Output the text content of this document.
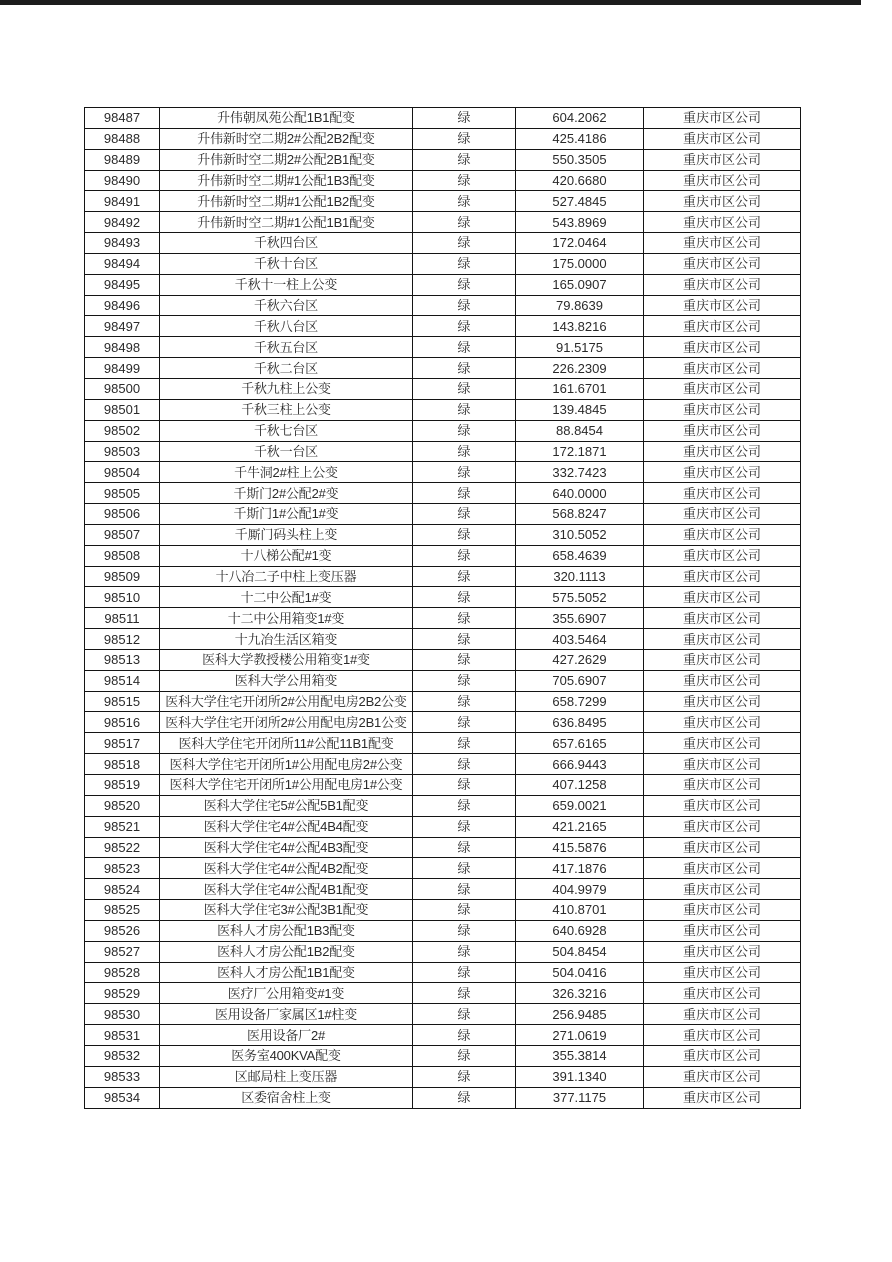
98487	升伟朝凤苑公配1B1配变	绿	604.2062	重庆市区公司
98488	升伟新时空二期2#公配2B2配变	绿	425.4186	重庆市区公司
98489	升伟新时空二期2#公配2B1配变	绿	550.3505	重庆市区公司
98490	升伟新时空二期#1公配1B3配变	绿	420.6680	重庆市区公司
98491	升伟新时空二期#1公配1B2配变	绿	527.4845	重庆市区公司
98492	升伟新时空二期#1公配1B1配变	绿	543.8969	重庆市区公司
98493	千秋四台区	绿	172.0464	重庆市区公司
98494	千秋十台区	绿	175.0000	重庆市区公司
98495	千秋十一柱上公变	绿	165.0907	重庆市区公司
98496	千秋六台区	绿	79.8639	重庆市区公司
98497	千秋八台区	绿	143.8216	重庆市区公司
98498	千秋五台区	绿	91.5175	重庆市区公司
98499	千秋二台区	绿	226.2309	重庆市区公司
98500	千秋九柱上公变	绿	161.6701	重庆市区公司
98501	千秋三柱上公变	绿	139.4845	重庆市区公司
98502	千秋七台区	绿	88.8454	重庆市区公司
98503	千秋一台区	绿	172.1871	重庆市区公司
98504	千牛洞2#柱上公变	绿	332.7423	重庆市区公司
98505	千斯门2#公配2#变	绿	640.0000	重庆市区公司
98506	千斯门1#公配1#变	绿	568.8247	重庆市区公司
98507	千厮门码头柱上变	绿	310.5052	重庆市区公司
98508	十八梯公配#1变	绿	658.4639	重庆市区公司
98509	十八冶二子中柱上变压器	绿	320.1113	重庆市区公司
98510	十二中公配1#变	绿	575.5052	重庆市区公司
98511	十二中公用箱变1#变	绿	355.6907	重庆市区公司
98512	十九冶生活区箱变	绿	403.5464	重庆市区公司
98513	医科大学教授楼公用箱变1#变	绿	427.2629	重庆市区公司
98514	医科大学公用箱变	绿	705.6907	重庆市区公司
98515	医科大学住宅开闭所2#公用配电房2B2公变	绿	658.7299	重庆市区公司
98516	医科大学住宅开闭所2#公用配电房2B1公变	绿	636.8495	重庆市区公司
98517	医科大学住宅开闭所11#公配11B1配变	绿	657.6165	重庆市区公司
98518	医科大学住宅开闭所1#公用配电房2#公变	绿	666.9443	重庆市区公司
98519	医科大学住宅开闭所1#公用配电房1#公变	绿	407.1258	重庆市区公司
98520	医科大学住宅5#公配5B1配变	绿	659.0021	重庆市区公司
98521	医科大学住宅4#公配4B4配变	绿	421.2165	重庆市区公司
98522	医科大学住宅4#公配4B3配变	绿	415.5876	重庆市区公司
98523	医科大学住宅4#公配4B2配变	绿	417.1876	重庆市区公司
98524	医科大学住宅4#公配4B1配变	绿	404.9979	重庆市区公司
98525	医科大学住宅3#公配3B1配变	绿	410.8701	重庆市区公司
98526	医科人才房公配1B3配变	绿	640.6928	重庆市区公司
98527	医科人才房公配1B2配变	绿	504.8454	重庆市区公司
98528	医科人才房公配1B1配变	绿	504.0416	重庆市区公司
98529	医疗厂公用箱变#1变	绿	326.3216	重庆市区公司
98530	医用设备厂家属区1#柱变	绿	256.9485	重庆市区公司
98531	医用设备厂2#	绿	271.0619	重庆市区公司
98532	医务室400KVA配变	绿	355.3814	重庆市区公司
98533	区邮局柱上变压器	绿	391.1340	重庆市区公司
98534	区委宿舍柱上变	绿	377.1175	重庆市区公司
